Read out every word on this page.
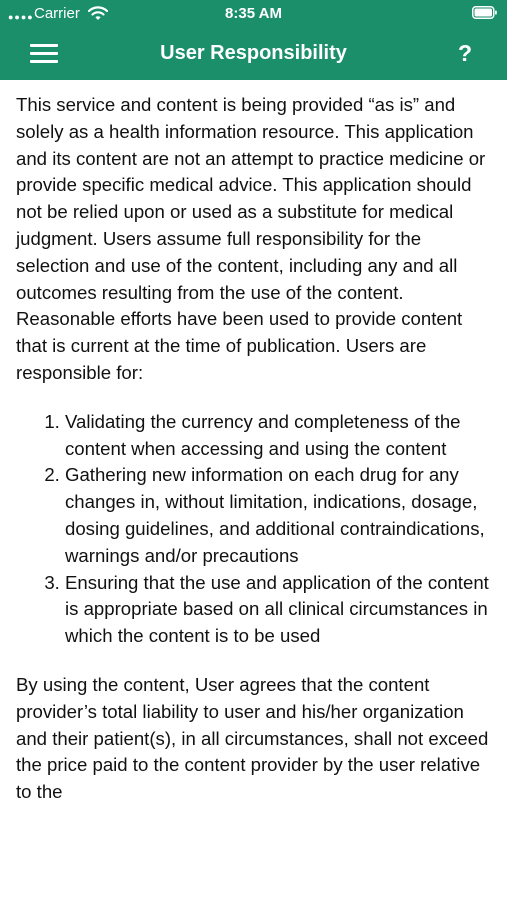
●●●● Carrier	8:35 AM
User Responsibility	?

This service and content is being provided “as is” and solely as a health information resource. This application and its content are not an attempt to practice medicine or provide specific medical advice. This application should not be relied upon or used as a substitute for medical judgment. Users assume full responsibility for the selection and use of the content, including any and all outcomes resulting from the use of the content. Reasonable efforts have been used to provide content that is current at the time of publication. Users are responsible for:

1. Validating the currency and completeness of the content when accessing and using the content
2. Gathering new information on each drug for any changes in, without limitation, indications, dosage, dosing guidelines, and additional contraindications, warnings and/or precautions
3. Ensuring that the use and application of the content is appropriate based on all clinical circumstances in which the content is to be used

By using the content, User agrees that the content provider’s total liability to user and his/her organization and their patient(s), in all circumstances, shall not exceed the price paid to the content provider by the user relative to the
